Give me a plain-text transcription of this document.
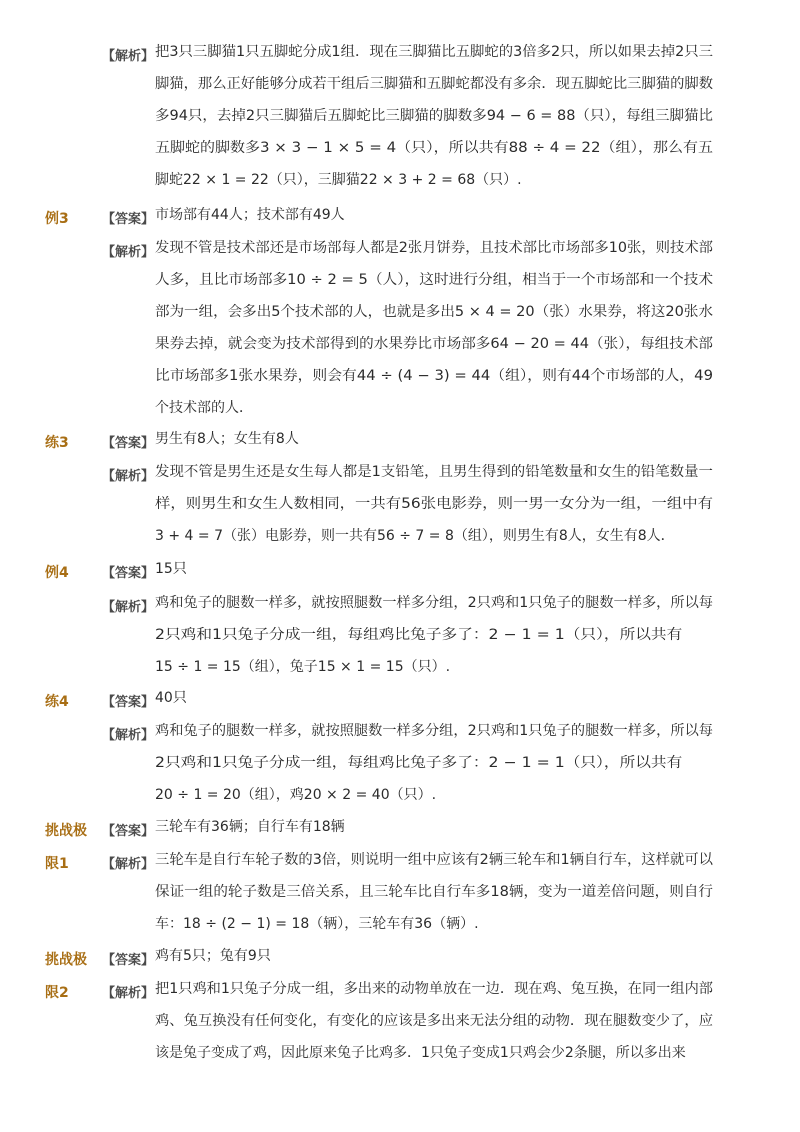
【解析】 把3只三脚猫1只五脚蛇分成1组．现在三脚猫比五脚蛇的3倍多2只，所以如果去掉2只三
脚猫，那么正好能够分成若干组后三脚猫和五脚蛇都没有多余．现五脚蛇比三脚猫的脚数
多94只，去掉2只三脚猫后五脚蛇比三脚猫的脚数多94 − 6 = 88（只），每组三脚猫比
五脚蛇的脚数多3 × 3 − 1 × 5 = 4（只），所以共有88 ÷ 4 = 22（组），那么有五
脚蛇22 × 1 = 22（只），三脚猫22 × 3 + 2 = 68（只）.
例3	【答案】 市场部有44人；技术部有49人
【解析】 发现不管是技术部还是市场部每人都是2张月饼券，且技术部比市场部多10张，则技术部
人多，且比市场部多10 ÷ 2 = 5（人），这时进行分组，相当于一个市场部和一个技术
部为一组，会多出5个技术部的人，也就是多出5 × 4 = 20（张）水果券，将这20张水
果券去掉，就会变为技术部得到的水果券比市场部多64 − 20 = 44（张），每组技术部
比市场部多1张水果券，则会有44 ÷ (4 − 3) = 44（组），则有44个市场部的人，49
个技术部的人．
练3	【答案】 男生有8人；女生有8人
【解析】 发现不管是男生还是女生每人都是1支铅笔，且男生得到的铅笔数量和女生的铅笔数量一
样，则男生和女生人数相同，一共有56张电影券，则一男一女分为一组，一组中有
3 + 4 = 7（张）电影券，则一共有56 ÷ 7 = 8（组），则男生有8人，女生有8人．
例4	【答案】 15只
【解析】 鸡和兔子的腿数一样多，就按照腿数一样多分组，2只鸡和1只兔子的腿数一样多，所以每
2只鸡和1只兔子分成一组，每组鸡比兔子多了：2 − 1 = 1（只），所以共有
15 ÷ 1 = 15（组），兔子15 × 1 = 15（只）.
练4	【答案】 40只
【解析】 鸡和兔子的腿数一样多，就按照腿数一样多分组，2只鸡和1只兔子的腿数一样多，所以每
2只鸡和1只兔子分成一组，每组鸡比兔子多了：2 − 1 = 1（只），所以共有
20 ÷ 1 = 20（组），鸡20 × 2 = 40（只）.
挑战极 【答案】 三轮车有36辆；自行车有18辆
限1	【解析】 三轮车是自行车轮子数的3倍，则说明一组中应该有2辆三轮车和1辆自行车，这样就可以
保证一组的轮子数是三倍关系，且三轮车比自行车多18辆，变为一道差倍问题，则自行
车：18 ÷ (2 − 1) = 18（辆），三轮车有36（辆）.
挑战极 【答案】 鸡有5只；兔有9只
限2	【解析】 把1只鸡和1只兔子分成一组，多出来的动物单放在一边．现在鸡、兔互换，在同一组内部
鸡、兔互换没有任何变化，有变化的应该是多出来无法分组的动物．现在腿数变少了，应
该是兔子变成了鸡，因此原来兔子比鸡多．1只兔子变成1只鸡会少2条腿，所以多出来
